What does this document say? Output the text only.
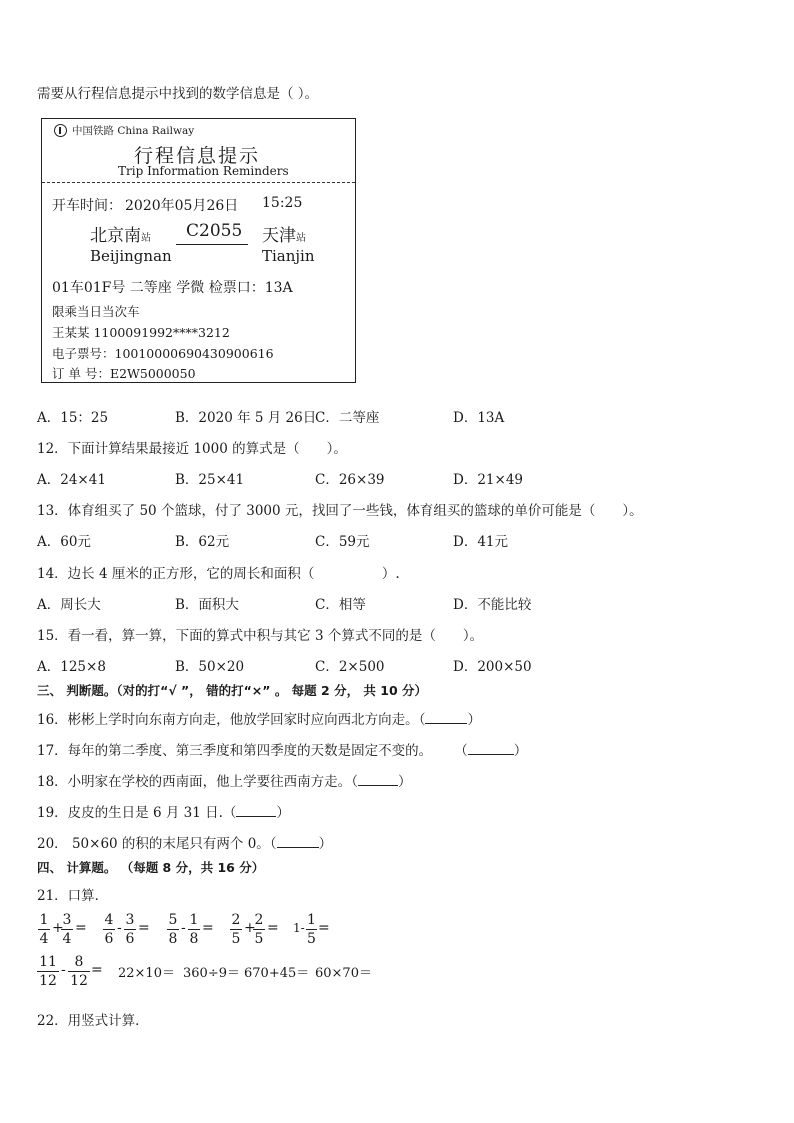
需要从行程信息提示中找到的数学信息是（ ）。
中国铁路 China Railway
行程信息提示
Trip Information Reminders
开车时间： 2020年05月26日 15:25
北京南站 C2055 天津站
Beijingnan	Tianjin
01车01F号 二等座 学微 检票口：13A
限乘当日当次车
王某某 1100091992****3212
电子票号：10010000690430900616
订 单 号：E2W5000050
A．15：25	B．2020 年 5 月 26日
C．二等座	D．13A
12．下面计算结果最接近 1000 的算式是（　　）。
A．24×41	B．25×41	C．26×39	D．21×49
13．体育组买了 50 个篮球，付了 3000 元，找回了一些钱，体育组买的篮球的单价可能是（　　）。
A．60元	B．62元	C．59元	D．41元
14．边长 4 厘米的正方形，它的周长和面积（　　　　　）.
A．周长大	B．面积大	C．相等	D．不能比较
15．看一看，算一算，下面的算式中积与其它 3 个算式不同的是（　　）。
A．125×8	B．50×20	C．2×500	D．200×50
三、 判断题。（对的打“√ ”， 错的打“×” 。 每题 2 分， 共 10 分）
16．彬彬上学时向东南方向走，他放学回家时应向西北方向走。（	）
17．每年的第二季度、第三季度和第四季度的天数是固定不变的。 （	）
18．小明家在学校的西南面，他上学要往西南方走。（	）
19．皮皮的生日是 6 月 31 日.（	）
20． 50×60 的积的末尾只有两个 0。（	）
四、 计算题。 （每题 8 分，共 16 分）
21．口算．
1
4
+
3
4
= 4
6
- 3
6
= 5
8
- 1
8
= 2
5
+
2
5
= 1- 1
5
=
11
12
- 8
12
= 22×10＝ 360÷9＝ 670+45＝ 60×70＝
22．用竖式计算．
